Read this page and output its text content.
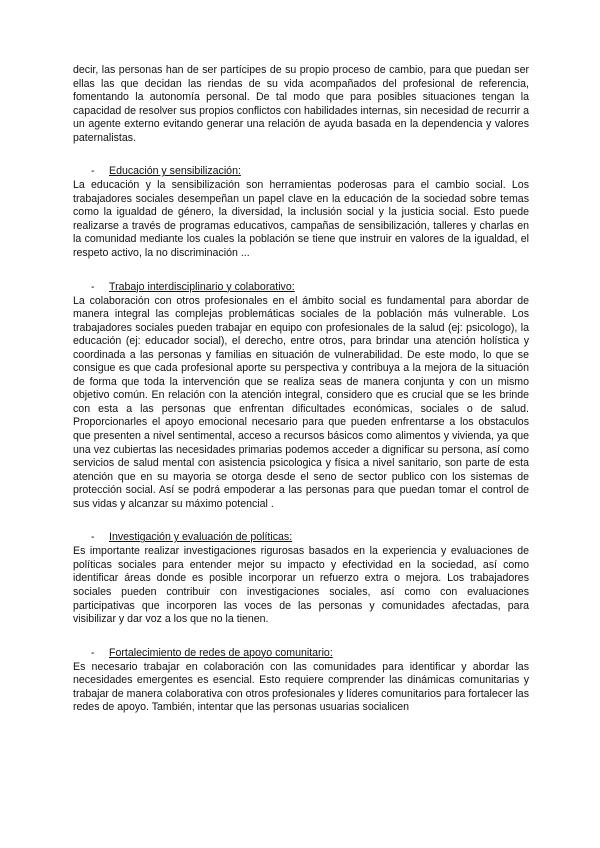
decir, las personas han de ser partícipes de su propio proceso de cambio, para que puedan ser ellas las que decidan las riendas de su vida acompañados del profesional de referencia, fomentando la autonomía personal. De tal modo que para posibles situaciones tengan la capacidad de resolver sus propios conflictos con habilidades internas, sin necesidad de recurrir a un agente externo evitando generar una relación de ayuda basada en la dependencia y valores paternalistas.

- Educación y sensibilización:

La educación y la sensibilización son herramientas poderosas para el cambio social. Los trabajadores sociales desempeñan un papel clave en la educación de la sociedad sobre temas como la igualdad de género, la diversidad, la inclusión social y la justicia social. Esto puede realizarse a través de programas educativos, campañas de sensibilización, talleres y charlas en la comunidad mediante los cuales la población se tiene que instruir en valores de la igualdad, el respeto activo, la no discriminación ...

- Trabajo interdisciplinario y colaborativo:

La colaboración con otros profesionales en el ámbito social es fundamental para abordar de manera integral las complejas problemáticas sociales de la población más vulnerable. Los trabajadores sociales pueden trabajar en equipo con profesionales de la salud (ej: psicologo), la educación (ej: educador social), el derecho, entre otros, para brindar una atención holística y coordinada a las personas y familias en situación de vulnerabilidad. De este modo, lo que se consigue es que cada profesional aporte su perspectiva y contribuya a la mejora de la situación de forma que toda la intervención que se realiza seas de manera conjunta y con un mismo objetivo común. En relación con la atención integral, considero que es crucial que se les brinde con esta a las personas que enfrentan dificultades económicas, sociales o de salud. Proporcionarles el apoyo emocional necesario para que pueden enfrentarse a los obstaculos que presenten a nivel sentimental, acceso a recursos básicos como alimentos y vivienda, ya que una vez cubiertas las necesidades primarias podemos acceder a dignificar su persona, así como servicios de salud mental con asistencia psicologica y física a nivel sanitario, son parte de esta atención que en su mayoria se otorga desde el seno de sector publico con los sistemas de protección social. Así se podrá empoderar a las personas para que puedan tomar el control de sus vidas y alcanzar su máximo potencial .

- Investigación y evaluación de políticas:

Es importante realizar investigaciones rigurosas basados en la experiencia y evaluaciones de políticas sociales para entender mejor su impacto y efectividad en la sociedad, así como identificar áreas donde es posible incorporar un refuerzo extra o mejora. Los trabajadores sociales pueden contribuir con investigaciones sociales, así como con evaluaciones participativas que incorporen las voces de las personas y comunidades afectadas, para visibilizar y dar voz a los que no la tienen.

- Fortalecimiento de redes de apoyo comunitario:

Es necesario trabajar en colaboración con las comunidades para identificar y abordar las necesidades emergentes es esencial. Esto requiere comprender las dinámicas comunitarias y trabajar de manera colaborativa con otros profesionales y líderes comunitarios para fortalecer las redes de apoyo. También, intentar que las personas usuarias socialicen
